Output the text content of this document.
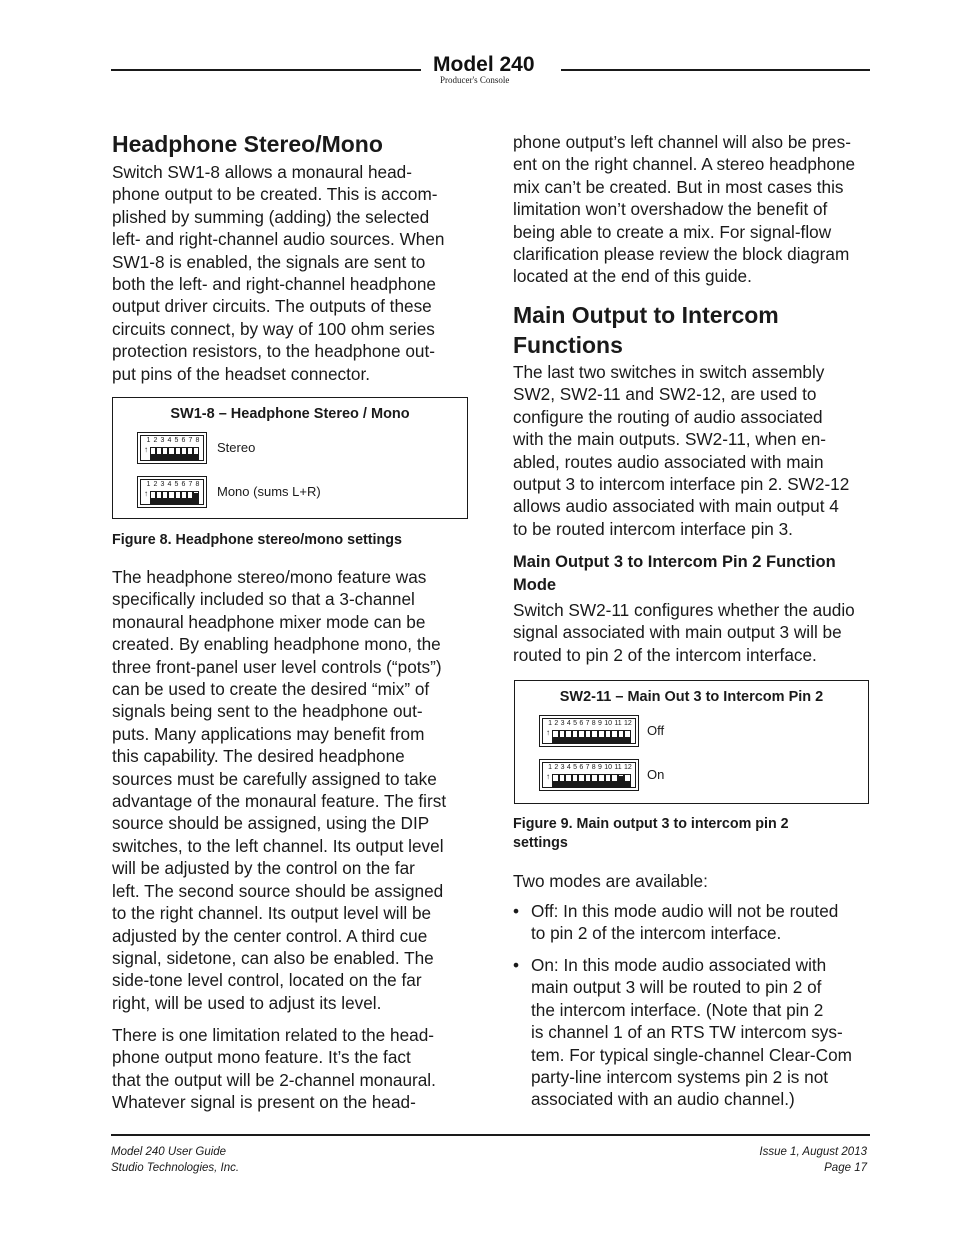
Model 240
Producer's Console
Headphone Stereo/Mono
Switch SW1-8 allows a monaural head-
phone output to be created. This is accom-
plished by summing (adding) the selected
left- and right-channel audio sources. When
SW1-8 is enabled, the signals are sent to
both the left- and right-channel headphone
output driver circuits. The outputs of these
circuits connect, by way of 100 ohm series
protection resistors, to the headphone out-
put pins of the headset connector.
SW1-8 – Headphone Stereo / Mono
1 2 3 4 5 6 7 8
↑	Stereo
1 2 3 4 5 6 7 8
↑	Mono (sums L+R)
Figure 8. Headphone stereo/mono settings
The headphone stereo/mono feature was
specifically included so that a 3-channel
monaural headphone mixer mode can be
created. By enabling headphone mono, the
three front-panel user level controls (“pots”)
can be used to create the desired “mix” of
signals being sent to the headphone out-
puts. Many applications may benefit from
this capability. The desired headphone
sources must be carefully assigned to take
advantage of the monaural feature. The first
source should be assigned, using the DIP
switches, to the left channel. Its output level
will be adjusted by the control on the far
left. The second source should be assigned
to the right channel. Its output level will be
adjusted by the center control. A third cue
signal, sidetone, can also be enabled. The
side-tone level control, located on the far
right, will be used to adjust its level.
There is one limitation related to the head-
phone output mono feature. It’s the fact
that the output will be 2-channel monaural.
Whatever signal is present on the head-
phone output’s left channel will also be pres-
ent on the right channel. A stereo headphone
mix can’t be created. But in most cases this
limitation won’t overshadow the benefit of
being able to create a mix. For signal-flow
clarification please review the block diagram
located at the end of this guide.
Main Output to Intercom
Functions
The last two switches in switch assembly
SW2, SW2-11 and SW2-12, are used to
configure the routing of audio associated
with the main outputs. SW2-11, when en-
abled, routes audio associated with main
output 3 to intercom interface pin 2. SW2-12
allows audio associated with main output 4
to be routed intercom interface pin 3.
Main Output 3 to Intercom Pin 2 Function
Mode
Switch SW2-11 configures whether the audio
signal associated with main output 3 will be
routed to pin 2 of the intercom interface.
SW2-11 – Main Out 3 to Intercom Pin 2
1 2 3 4 5 6 7 8 9 10 11 12
↑	Off
1 2 3 4 5 6 7 8 9 10 11 12
↑	On
Figure 9. Main output 3 to intercom pin 2
settings
Two modes are available:
• Off: In this mode audio will not be routed
to pin 2 of the intercom interface.
• On: In this mode audio associated with
main output 3 will be routed to pin 2 of
the intercom interface. (Note that pin 2
is channel 1 of an RTS TW intercom sys-
tem. For typical single-channel Clear-Com
party-line intercom systems pin 2 is not
associated with an audio channel.)
Model 240 User Guide
Studio Technologies, Inc.
Issue 1, August 2013
Page 17
